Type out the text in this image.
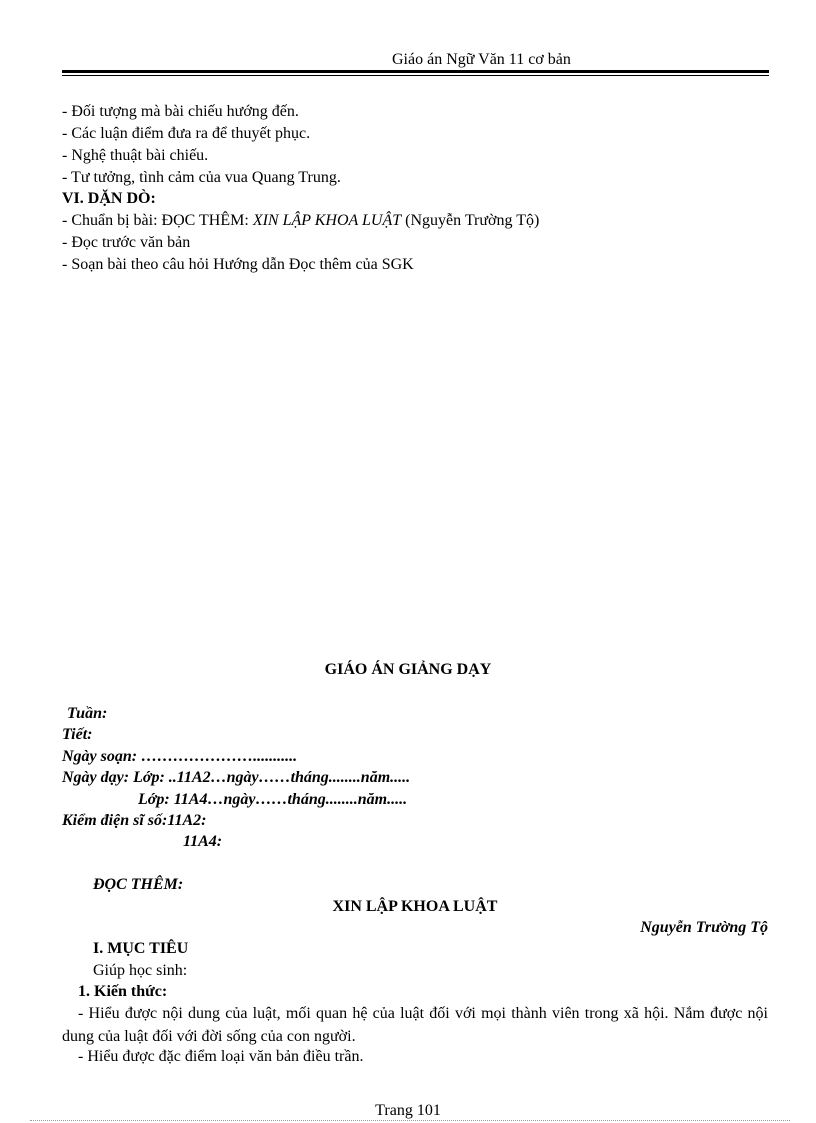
Giáo án Ngữ Văn 11 cơ bản
- Đối tượng mà bài chiếu hướng đến.
- Các luận điểm đưa ra để thuyết phục.
- Nghệ thuật bài chiếu.
- Tư tưởng, tình cảm của vua Quang Trung.
VI. DẶN DÒ:
- Chuẩn bị bài: ĐỌC THÊM: XIN LẬP KHOA LUẬT (Nguyễn Trường Tộ)
- Đọc trước văn bản
- Soạn bài theo câu hỏi Hướng dẫn Đọc thêm của SGK
GIÁO ÁN GIẢNG DẠY
Tuần:
Tiết:
Ngày soạn: …………………...........
Ngày dạy: Lớp: ..11A2…ngày……tháng........năm.....
Lớp: 11A4…ngày……tháng........năm.....
Kiểm điện sĩ số:11A2:
11A4:
ĐỌC THÊM:
XIN LẬP KHOA LUẬT
Nguyễn Trường Tộ
I. MỤC TIÊU
Giúp học sinh:
1. Kiến thức:
- Hiểu được nội dung của luật, mối quan hệ của luật đối với mọi thành viên trong xã hội. Nắm được nội dung của luật đối với đời sống của con người.
- Hiểu được đặc điểm loại văn bản điều trần.
Trang 101
